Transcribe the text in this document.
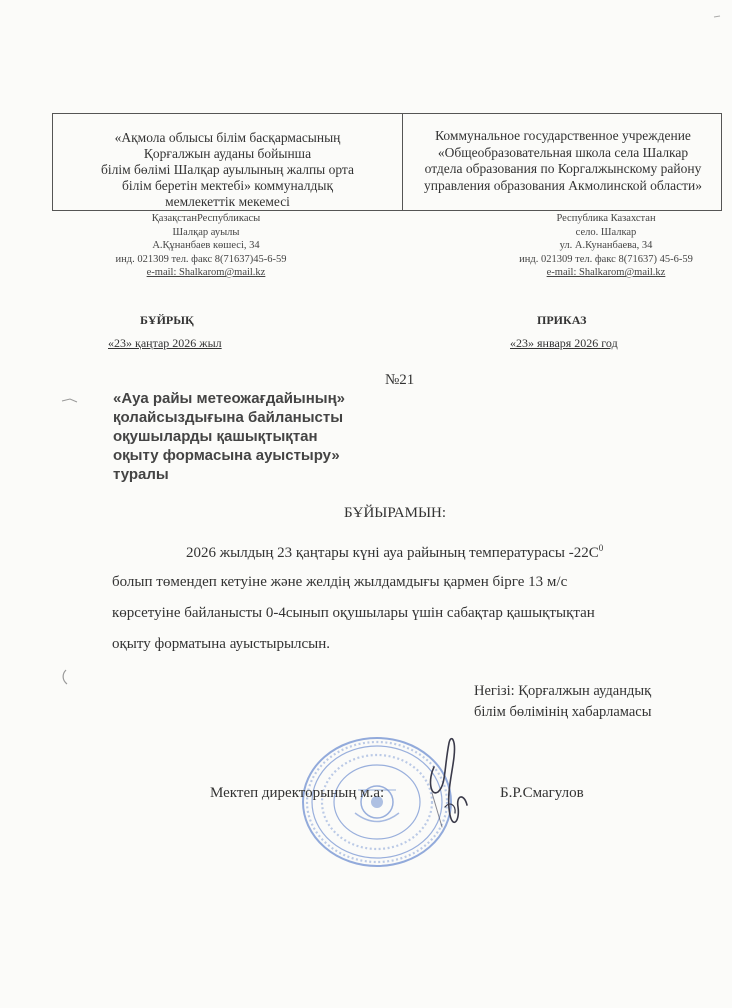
«Ақмола облысы білім басқармасының
Қорғалжын ауданы бойынша
білім бөлімі Шалқар ауылының жалпы орта
білім беретін мектебі» коммуналдық
мемлекеттік мекемесі
Коммунальное государственное учреждение
«Общеобразовательная школа села Шалкар
отдела образования по Коргалжынскому району
управления образования Акмолинской области»
ҚазақстанРеспубликасы
Шалқар ауылы
А.Құнанбаев көшесі, 34
инд. 021309 тел. факс 8(71637)45-6-59
e-mail: Shalkarom@mail.kz
Республика Казахстан
село. Шалкар
ул. А.Кунанбаева, 34
инд. 021309 тел. факс 8(71637) 45-6-59
e-mail: Shalkarom@mail.kz
БҰЙРЫҚ	ПРИКАЗ
«23» қаңтар 2026 жыл	«23» января 2026 год
№21
«Ауа райы метеожағдайының»
қолайсыздығына байланысты
оқушыларды қашықтықтан
оқыту формасына ауыстыру»
туралы
БҰЙЫРАМЫН:
2026 жылдың 23 қаңтары күні ауа райының температурасы $-22С^0$
болып төмендеп кетуіне және желдің жылдамдығы қармен бірге 13 м/с
көрсетуіне байланысты 0-4сынып оқушылары үшін сабақтар қашықтықтан
оқыту форматына ауыстырылсын.
Негізі: Қорғалжын аудандық
білім бөлімінің хабарламасы
Мектеп директорының м.а:	Б.Р.Смагулов
